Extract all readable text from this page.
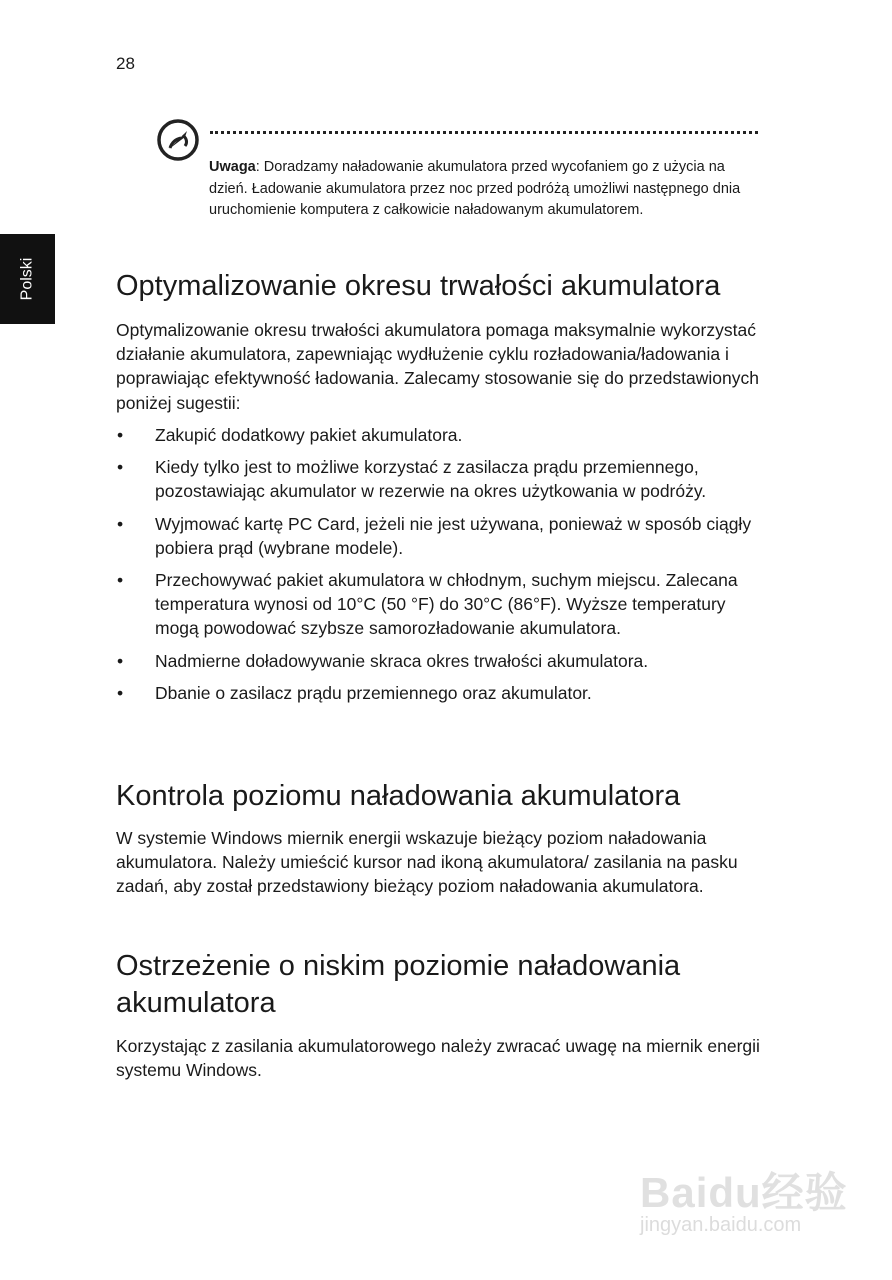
28
Polski
Uwaga: Doradzamy naładowanie akumulatora przed wycofaniem go z użycia na dzień. Ładowanie akumulatora przez noc przed podróżą umożliwi następnego dnia uruchomienie komputera z całkowicie naładowanym akumulatorem.
Optymalizowanie okresu trwałości akumulatora

Optymalizowanie okresu trwałości akumulatora pomaga maksymalnie wykorzystać działanie akumulatora, zapewniając wydłużenie cyklu rozładowania/ładowania i poprawiając efektywność ładowania. Zalecamy stosowanie się do przedstawionych poniżej sugestii:

• Zakupić dodatkowy pakiet akumulatora.
• Kiedy tylko jest to możliwe korzystać z zasilacza prądu przemiennego, pozostawiając akumulator w rezerwie na okres użytkowania w podróży.
• Wyjmować kartę PC Card, jeżeli nie jest używana, ponieważ w sposób ciągły pobiera prąd (wybrane modele).
• Przechowywać pakiet akumulatora w chłodnym, suchym miejscu. Zalecana temperatura wynosi od 10°C (50 °F) do 30°C (86°F). Wyższe temperatury mogą powodować szybsze samorozładowanie akumulatora.
• Nadmierne doładowywanie skraca okres trwałości akumulatora.
• Dbanie o zasilacz prądu przemiennego oraz akumulator.
Kontrola poziomu naładowania akumulatora

W systemie Windows miernik energii wskazuje bieżący poziom naładowania akumulatora. Należy umieścić kursor nad ikoną akumulatora/ zasilania na pasku zadań, aby został przedstawiony bieżący poziom naładowania akumulatora.

Ostrzeżenie o niskim poziomie naładowania akumulatora

Korzystając z zasilania akumulatorowego należy zwracać uwagę na miernik energii systemu Windows.

Baidu经验
jingyan.baidu.com
